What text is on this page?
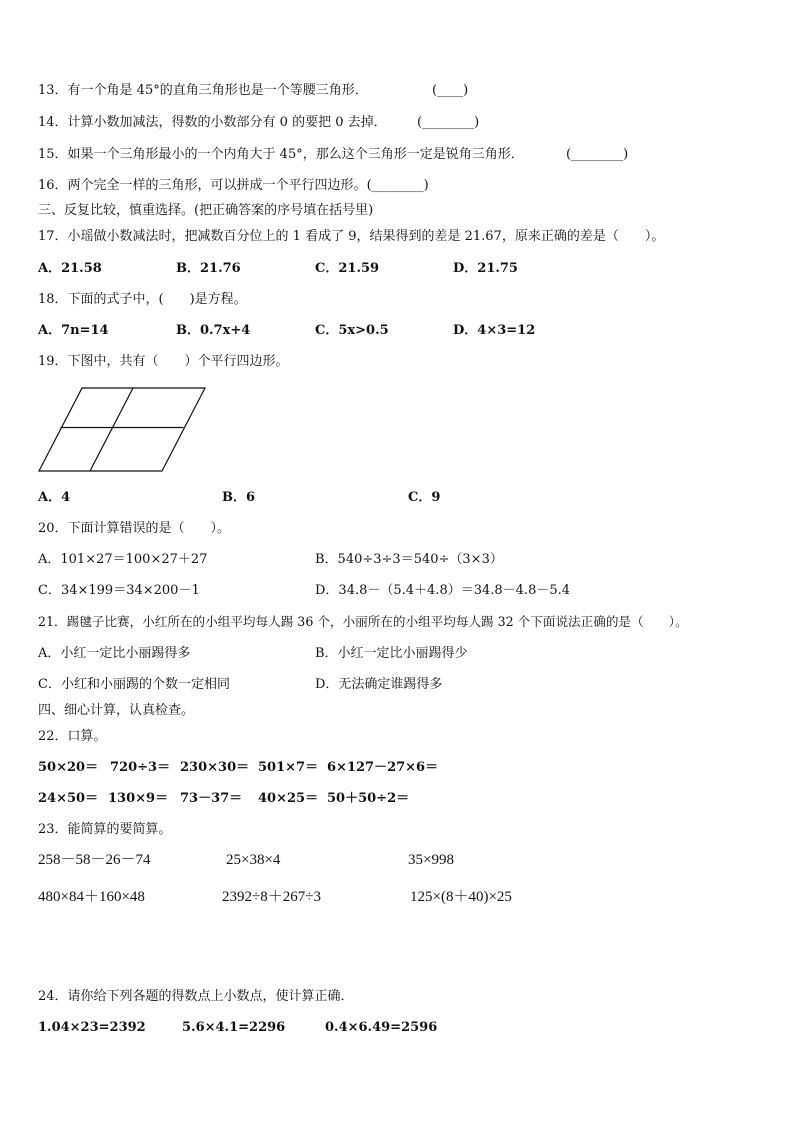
13．有一个角是 45°的直角三角形也是一个等腰三角形．	(____)
14．计算小数加减法，得数的小数部分有 0 的要把 0 去掉． (________)
15．如果一个三角形最小的一个内角大于 45°，那么这个三角形一定是锐角三角形．	(________)
16．两个完全一样的三角形，可以拼成一个平行四边形。(________)
三、反复比较，慎重选择。(把正确答案的序号填在括号里)
17．小瑶做小数减法时，把减数百分位上的 1 看成了 9，结果得到的差是 21.67，原来正确的差是（　　）。
A．21.58	B．21.76	C．21.59	D．21.75
18．下面的式子中，(　　)是方程。
A．7n=14	B．0.7x+4	C．5x>0.5	D．4×3=12
19．下图中，共有（　　）个平行四边形。
A．4	B．6	C．9
20．下面计算错误的是（　　）。
A．101×27＝100×27＋27	B．540÷3÷3＝540÷（3×3）
C．34×199＝34×200－1	D．34.8－（5.4＋4.8）＝34.8－4.8－5.4
21．踢毽子比赛，小红所在的小组平均每人踢 36 个，小丽所在的小组平均每人踢 32 个下面说法正确的是（　　）。
A．小红一定比小丽踢得多	B．小红一定比小丽踢得少
C．小红和小丽踢的个数一定相同	D．无法确定谁踢得多
四、细心计算，认真检查。
22．口算。
50×20＝ 720÷3＝ 230×30＝ 501×7＝ 6×127－27×6＝
24×50＝ 130×9＝ 73－37＝ 40×25＝ 50＋50÷2＝
23．能简算的要简算。
258－58－26－74	25×38×4	35×998
480×84＋160×48	2392÷8＋267÷3	125×(8＋40)×25
24．请你给下列各题的得数点上小数点，使计算正确．
1.04×23=2392	5.6×4.1=2296	0.4×6.49=2596
